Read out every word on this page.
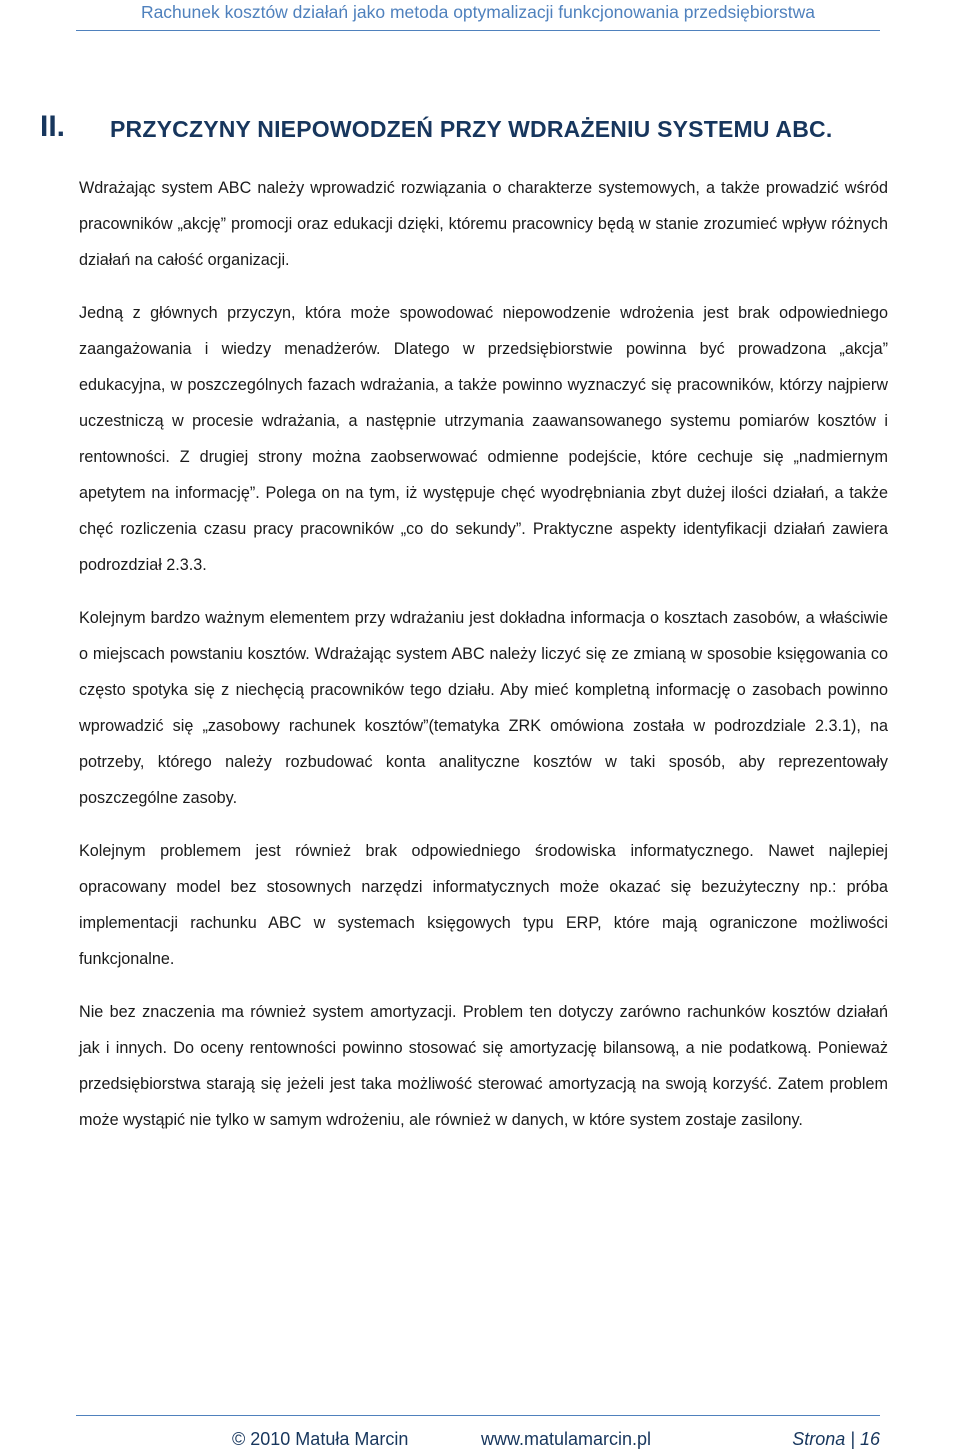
Rachunek kosztów działań jako metoda optymalizacji funkcjonowania przedsiębiorstwa
II. PRZYCZYNY NIEPOWODZEŃ PRZY WDRAŻENIU SYSTEMU ABC.

Wdrażając system ABC należy wprowadzić rozwiązania o charakterze systemowych, a także prowadzić wśród pracowników „akcję” promocji oraz edukacji dzięki, któremu pracownicy będą w stanie zrozumieć wpływ różnych działań na całość organizacji.

Jedną z głównych przyczyn, która może spowodować niepowodzenie wdrożenia jest brak odpowiedniego zaangażowania i wiedzy menadżerów. Dlatego w przedsiębiorstwie powinna być prowadzona „akcja” edukacyjna, w poszczególnych fazach wdrażania, a także powinno wyznaczyć się pracowników, którzy najpierw uczestniczą w procesie wdrażania, a następnie utrzymania zaawansowanego systemu pomiarów kosztów i rentowności. Z drugiej strony można zaobserwować odmienne podejście, które cechuje się „nadmiernym apetytem na informację”. Polega on na tym, iż występuje chęć wyodrębniania zbyt dużej ilości działań, a także chęć rozliczenia czasu pracy pracowników „co do sekundy”. Praktyczne aspekty identyfikacji działań zawiera podrozdział 2.3.3.

Kolejnym bardzo ważnym elementem przy wdrażaniu jest dokładna informacja o kosztach zasobów, a właściwie o miejscach powstaniu kosztów. Wdrażając system ABC należy liczyć się ze zmianą w sposobie księgowania co często spotyka się z niechęcią pracowników tego działu. Aby mieć kompletną informację o zasobach powinno wprowadzić się „zasobowy rachunek kosztów”(tematyka ZRK omówiona została w podrozdziale 2.3.1), na potrzeby, którego należy rozbudować konta analityczne kosztów w taki sposób, aby reprezentowały poszczególne zasoby.

Kolejnym problemem jest również brak odpowiedniego środowiska informatycznego. Nawet najlepiej opracowany model bez stosownych narzędzi informatycznych może okazać się bezużyteczny np.: próba implementacji rachunku ABC w systemach księgowych typu ERP, które mają ograniczone możliwości funkcjonalne.

Nie bez znaczenia ma również system amortyzacji. Problem ten dotyczy zarówno rachunków kosztów działań jak i innych. Do oceny rentowności powinno stosować się amortyzację bilansową, a nie podatkową. Ponieważ przedsiębiorstwa starają się jeżeli jest taka możliwość sterować amortyzacją na swoją korzyść. Zatem problem może wystąpić nie tylko w samym wdrożeniu, ale również w danych, w które system zostaje zasilony.

© 2010 Matuła Marcin	www.matulamarcin.pl	Strona | 16
